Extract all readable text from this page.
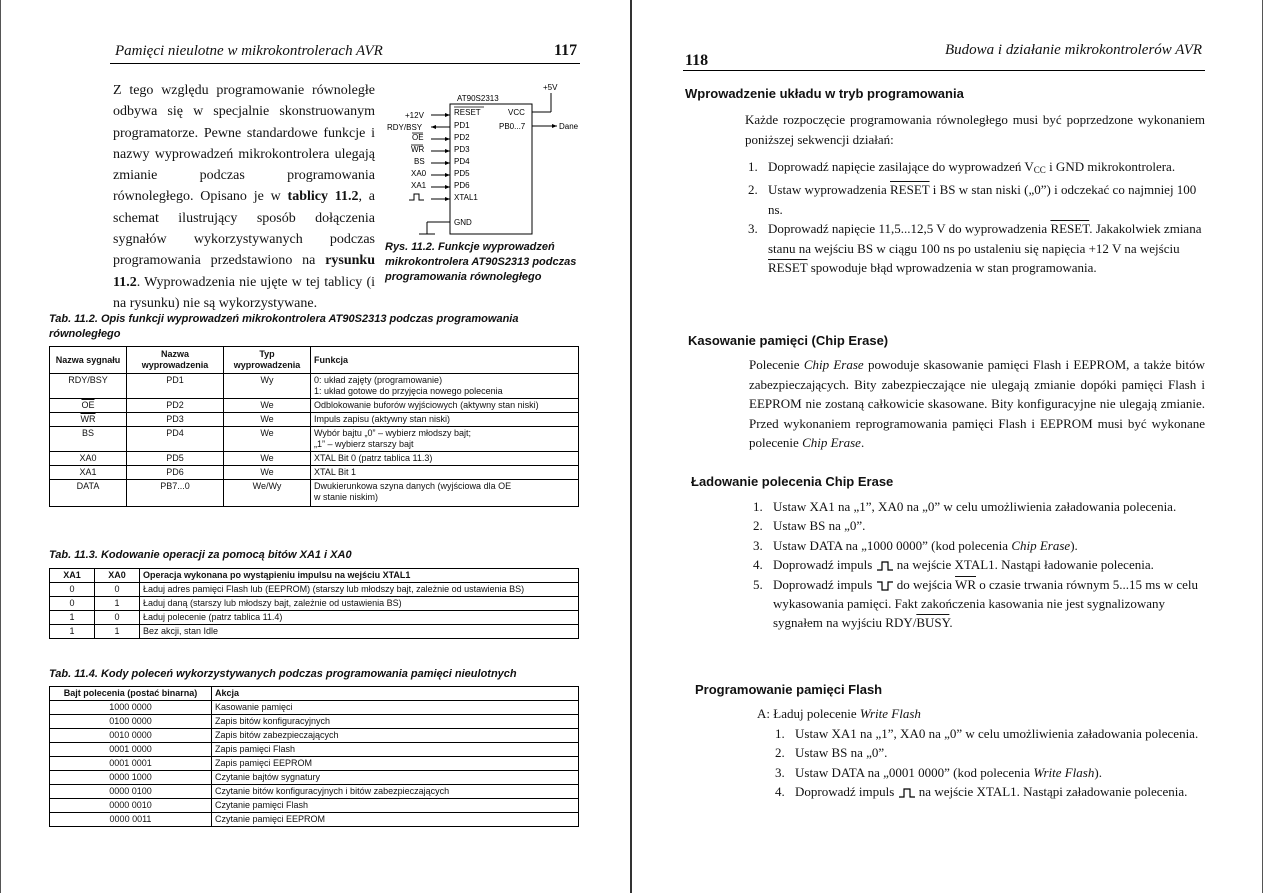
Pamięci nieulotne w mikrokontrolerach AVR	117
Z tego względu programowanie równoległe odbywa się w specjalnie skonstruowanym programatorze. Pewne standardowe funkcje i nazwy wyprowadzeń mikrokontrolera ulegają zmianie podczas programowania równoległego. Opisano je w tablicy 11.2, a schemat ilustrujący sposób dołączenia sygnałów wykorzystywanych podczas programowania przedstawiono na rysunku 11.2. Wyprowadzenia nie ujęte w tej tablicy (i na rysunku) nie są wykorzystywane.
AT90S2313
+5V
VCC
PB0...7	Dane
RESET
PD1
PD2
PD3
PD4
PD5
PD6
XTAL1
GND
+12V
RDY/BSY
OE
WR
BS
XA0
XA1
Rys. 11.2. Funkcje wyprowadzeń mikrokontrolera AT90S2313 podczas programowania równoległego
Tab. 11.2. Opis funkcji wyprowadzeń mikrokontrolera AT90S2313 podczas programowania równoległego
Nazwa sygnału	Nazwa wyprowadzenia	Typ wyprowadzenia	Funkcja
RDY/BSY	PD1	Wy	0: układ zajęty (programowanie)
1: układ gotowe do przyjęcia nowego polecenia

$\overline{OE}$	PD2	We	Odblokowanie buforów wyjściowych (aktywny stan niski)
$\overline{WR}$	PD3	We	Impuls zapisu (aktywny stan niski)
BS	PD4	We	Wybór bajtu „0” – wybierz młodszy bajt;
„1” – wybierz starszy bajt

XA0	PD5	We	XTAL Bit 0 (patrz tablica 11.3)
XA1	PD6	We	XTAL Bit 1
DATA	PB7...0	We/Wy	Dwukierunkowa szyna danych (wyjściowa dla OE
w stanie niskim)
Tab. 11.3. Kodowanie operacji za pomocą bitów XA1 i XA0
XA1	XA0	Operacja wykonana po wystąpieniu impulsu na wejściu XTAL1
0	0	Ładuj adres pamięci Flash lub (EEPROM) (starszy lub młodszy bajt, zależnie od ustawienia BS)
0	1	Ładuj daną (starszy lub młodszy bajt, zależnie od ustawienia BS)
1	0	Ładuj polecenie (patrz tablica 11.4)
1	1	Bez akcji, stan Idle
Tab. 11.4. Kody poleceń wykorzystywanych podczas programowania pamięci nieulotnych
Bajt polecenia (postać binarna)	Akcja
1000 0000	Kasowanie pamięci
0100 0000	Zapis bitów konfiguracyjnych
0010 0000	Zapis bitów zabezpieczających
0001 0000	Zapis pamięci Flash
0001 0001	Zapis pamięci EEPROM
0000 1000	Czytanie bajtów sygnatury
0000 0100	Czytanie bitów konfiguracyjnych i bitów zabezpieczających
0000 0010	Czytanie pamięci Flash
0000 0011	Czytanie pamięci EEPROM
118
Budowa i działanie mikrokontrolerów AVR
Wprowadzenie układu w tryb programowania
Każde rozpoczęcie programowania równoległego musi być poprzedzone wykonaniem poniższej sekwencji działań:
1. Doprowadź napięcie zasilające do wyprowadzeń $V_{CC}$ i GND mikrokontrolera.
2. Ustaw wyprowadzenia RESET i BS w stan niski („0”) i odczekać co najmniej 100 ns.
3. Doprowadź napięcie 11,5...12,5 V do wyprowadzenia RESET. Jakakolwiek zmiana stanu na wejściu BS w ciągu 100 ns po ustaleniu się napięcia +12 V na wejściu RESET spowoduje błąd wprowadzenia w stan programowania.
Kasowanie pamięci (Chip Erase)
Polecenie Chip Erase powoduje skasowanie pamięci Flash i EEPROM, a także bitów zabezpieczających. Bity zabezpieczające nie ulegają zmianie dopóki pamięci Flash i EEPROM nie zostaną całkowicie skasowane. Bity konfiguracyjne nie ulegają zmianie. Przed wykonaniem reprogramowania pamięci Flash i EEPROM musi być wykonane polecenie Chip Erase.
Ładowanie polecenia Chip Erase
1. Ustaw XA1 na „1”, XA0 na „0” w celu umożliwienia załadowania polecenia.
2. Ustaw BS na „0”.
3. Ustaw DATA na „1000 0000” (kod polecenia Chip Erase).
4. Doprowadź impuls  na wejście XTAL1. Nastąpi ładowanie polecenia.
5. Doprowadź impuls  do wejścia $\overline{WR}$ o czasie trwania równym 5...15 ms w celu wykasowania pamięci. Fakt zakończenia kasowania nie jest sygnalizowany sygnałem na wyjściu RDY/BUSY.
Programowanie pamięci Flash
A: Ładuj polecenie Write Flash
1. Ustaw XA1 na „1”, XA0 na „0” w celu umożliwienia załadowania polecenia.
2. Ustaw BS na „0”.
3. Ustaw DATA na „0001 0000” (kod polecenia Write Flash).
4. Doprowadź impuls  na wejście XTAL1. Nastąpi załadowanie polecenia.
